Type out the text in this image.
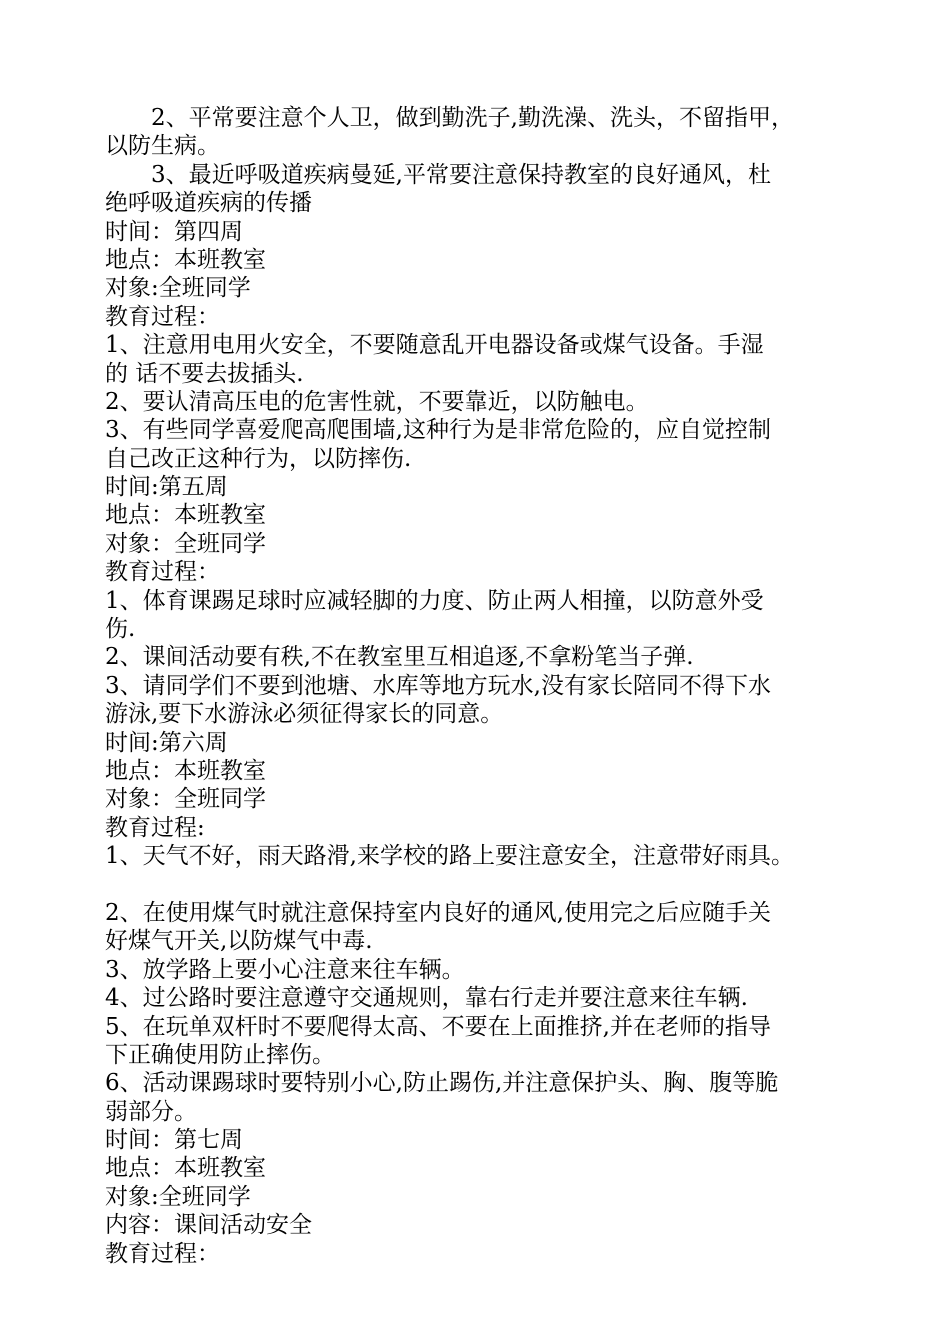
　　2、平常要注意个人卫，做到勤洗子,勤洗澡、洗头，不留指甲，
以防生病。
　　3、最近呼吸道疾病曼延,平常要注意保持教室的良好通风，杜
绝呼吸道疾病的传播
时间：第四周
地点：本班教室
对象:全班同学
教育过程：
1、注意用电用火安全，不要随意乱开电器设备或煤气设备。手湿
的 话不要去拔插头.
2、要认清高压电的危害性就，不要靠近，以防触电。
3、有些同学喜爱爬高爬围墙,这种行为是非常危险的，应自觉控制
自己改正这种行为，以防摔伤.
时间:第五周
地点：本班教室
对象：全班同学
教育过程：
1、体育课踢足球时应减轻脚的力度、防止两人相撞，以防意外受
伤.
2、课间活动要有秩,不在教室里互相追逐,不拿粉笔当子弹.
3、请同学们不要到池塘、水库等地方玩水,没有家长陪同不得下水
游泳,要下水游泳必须征得家长的同意。
时间:第六周
地点：本班教室
对象：全班同学
教育过程:
1、天气不好，雨天路滑,来学校的路上要注意安全，注意带好雨具。
2、在使用煤气时就注意保持室内良好的通风,使用完之后应随手关
好煤气开关,以防煤气中毒.
3、放学路上要小心注意来往车辆。
4、过公路时要注意遵守交通规则，靠右行走并要注意来往车辆.
5、在玩单双杆时不要爬得太高、不要在上面推挤,并在老师的指导
下正确使用防止摔伤。
6、活动课踢球时要特别小心,防止踢伤,并注意保护头、胸、腹等脆
弱部分。
时间：第七周
地点：本班教室
对象:全班同学
内容：课间活动安全
教育过程：
